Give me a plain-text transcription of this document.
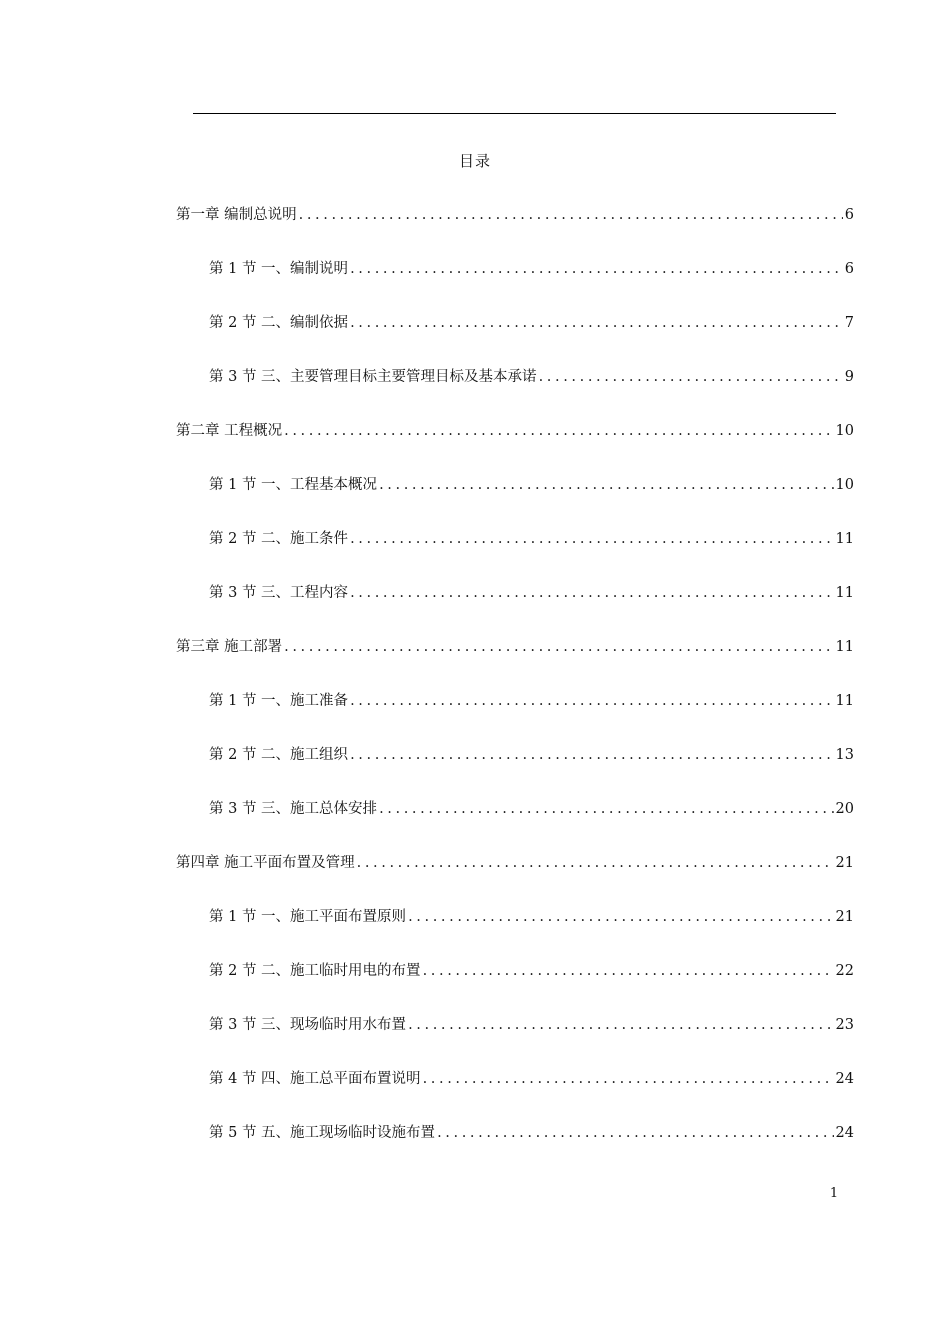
目录
第一章 编制总说明 .....	6
第 1 节 一、编制说明 .....	6
第 2 节 二、编制依据 .....	7
第 3 节 三、主要管理目标主要管理目标及基本承诺 .....	9
第二章 工程概况 .....	10
第 1 节 一、工程基本概况 .....	10
第 2 节 二、施工条件 .....	11
第 3 节 三、工程内容 .....	11
第三章 施工部署 .....	11
第 1 节 一、施工准备 .....	11
第 2 节 二、施工组织 .....	13
第 3 节 三、施工总体安排 .....	20
第四章 施工平面布置及管理 .....	21
第 1 节 一、施工平面布置原则 .....	21
第 2 节 二、施工临时用电的布置 .....	22
第 3 节 三、现场临时用水布置 .....	23
第 4 节 四、施工总平面布置说明 .....	24
第 5 节 五、施工现场临时设施布置 .....	24
1
